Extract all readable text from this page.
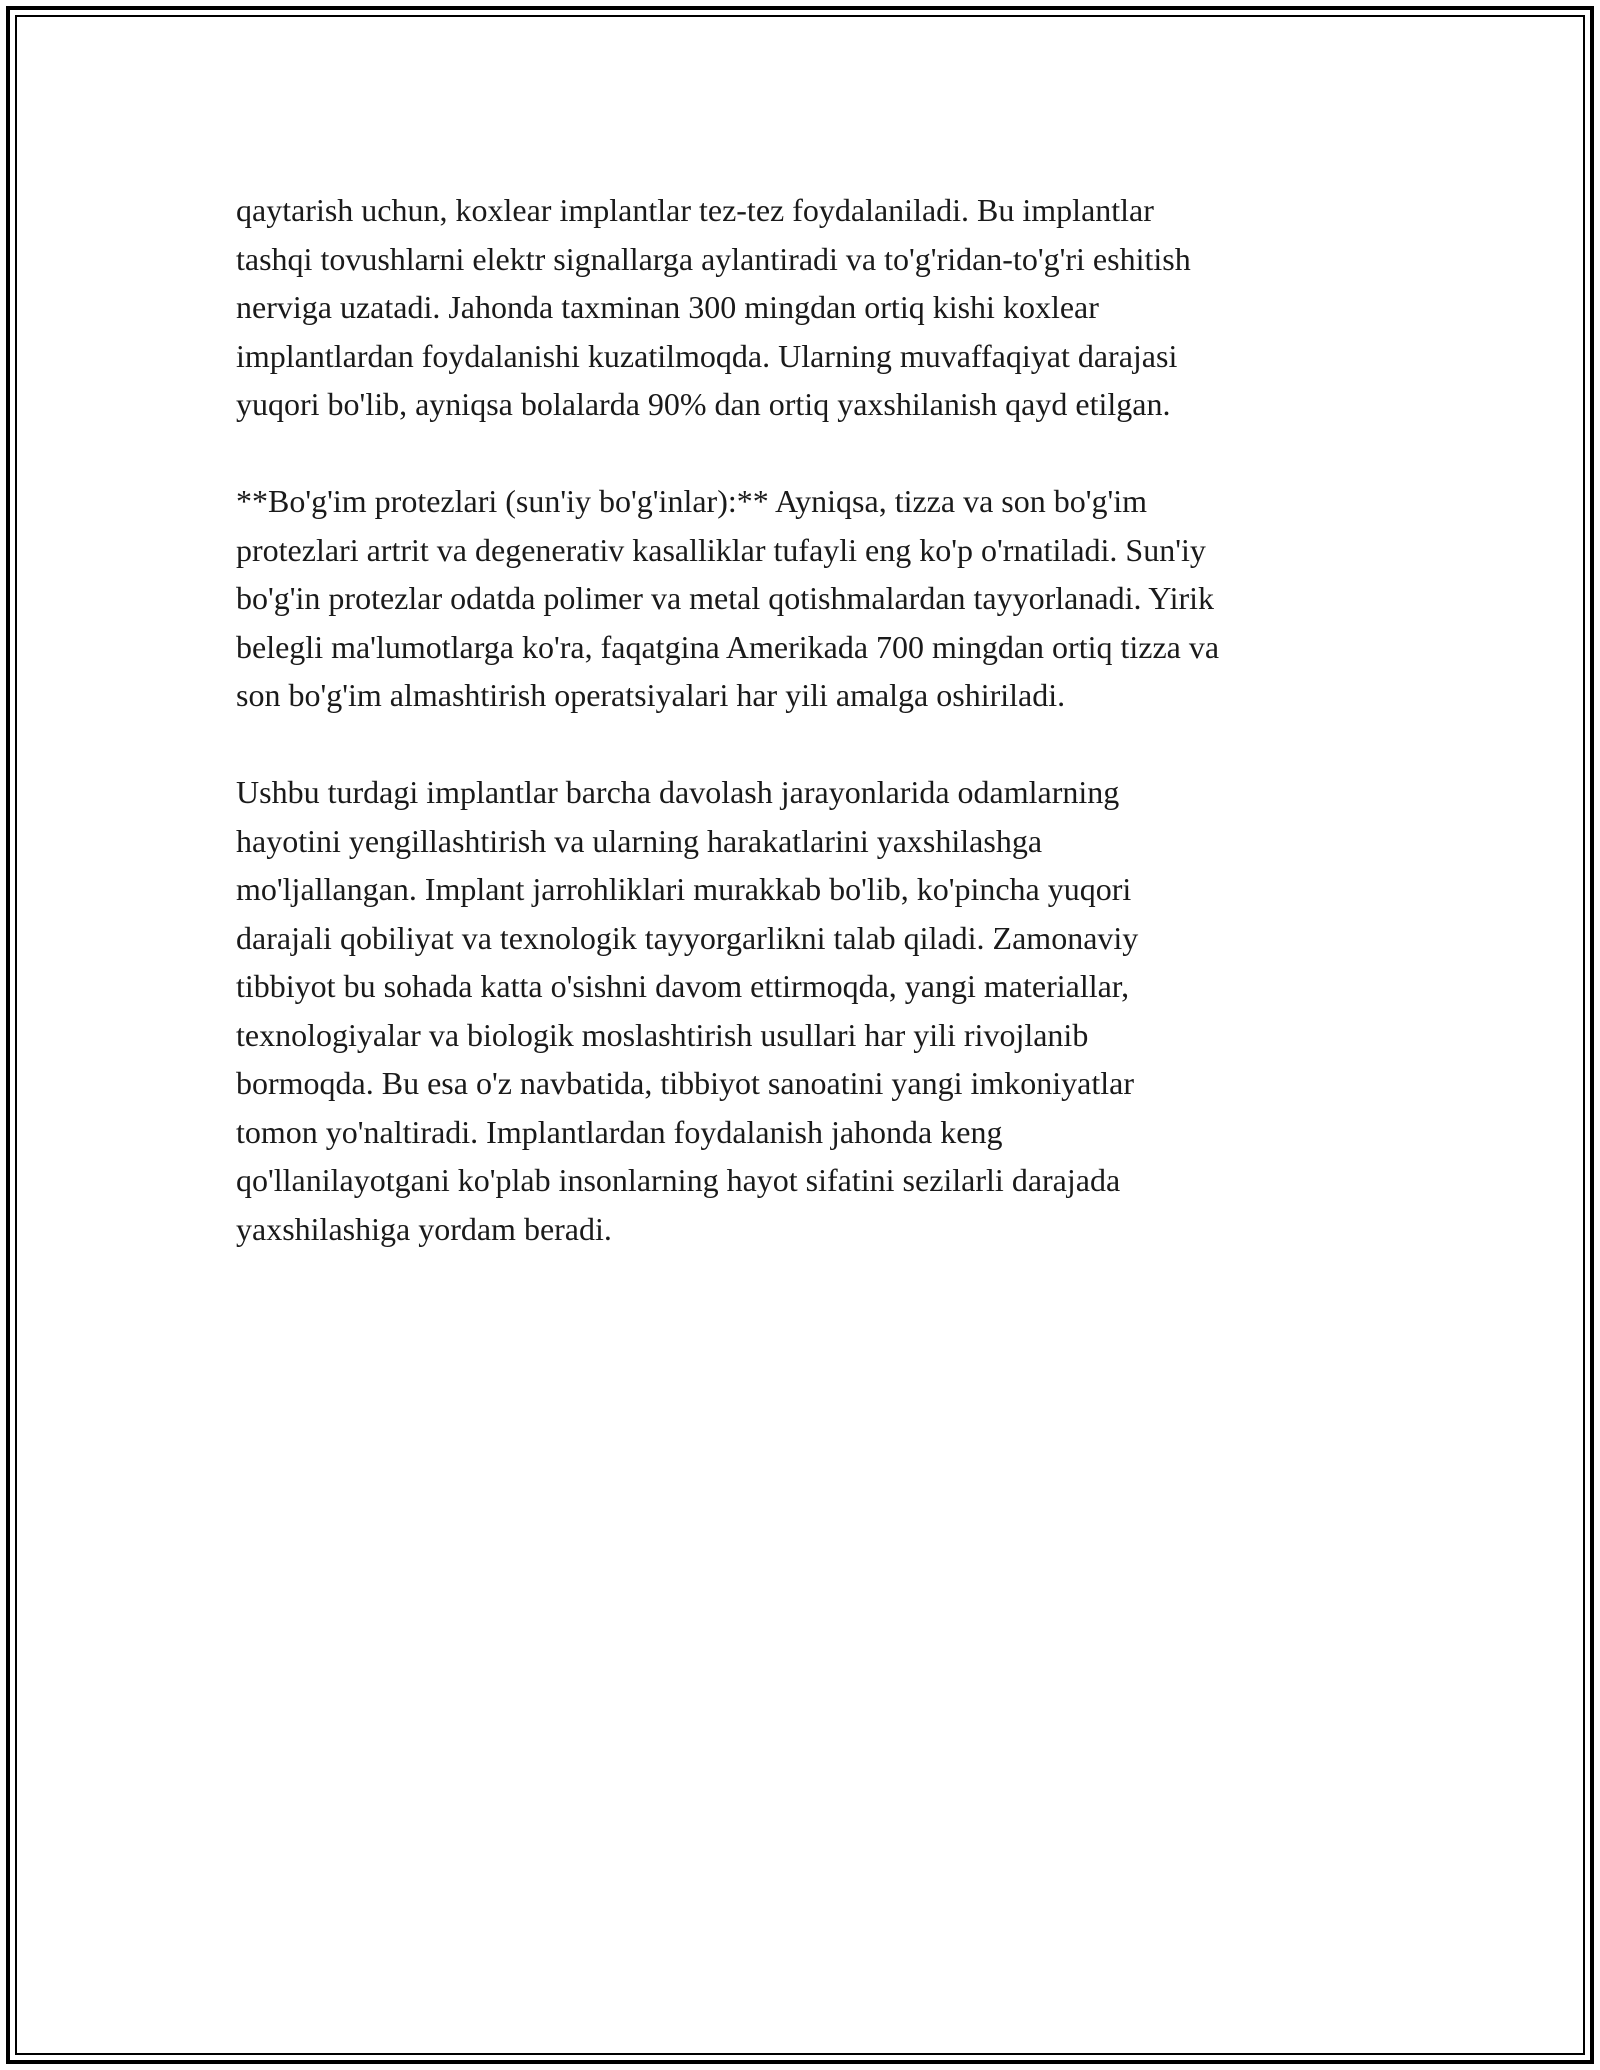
qaytarish uchun, koxlear implantlar tez-tez foydalaniladi. Bu implantlar
tashqi tovushlarni elektr signallarga aylantiradi va to'g'ridan-to'g'ri eshitish
nerviga uzatadi. Jahonda taxminan 300 mingdan ortiq kishi koxlear
implantlardan foydalanishi kuzatilmoqda. Ularning muvaffaqiyat darajasi
yuqori bo'lib, ayniqsa bolalarda 90% dan ortiq yaxshilanish qayd etilgan.

**Bo'g'im protezlari (sun'iy bo'g'inlar):** Ayniqsa, tizza va son bo'g'im
protezlari artrit va degenerativ kasalliklar tufayli eng ko'p o'rnatiladi. Sun'iy
bo'g'in protezlar odatda polimer va metal qotishmalardan tayyorlanadi. Yirik
belegli ma'lumotlarga ko'ra, faqatgina Amerikada 700 mingdan ortiq tizza va
son bo'g'im almashtirish operatsiyalari har yili amalga oshiriladi.

Ushbu turdagi implantlar barcha davolash jarayonlarida odamlarning
hayotini yengillashtirish va ularning harakatlarini yaxshilashga
mo'ljallangan. Implant jarrohliklari murakkab bo'lib, ko'pincha yuqori
darajali qobiliyat va texnologik tayyorgarlikni talab qiladi. Zamonaviy
tibbiyot bu sohada katta o'sishni davom ettirmoqda, yangi materiallar,
texnologiyalar va biologik moslashtirish usullari har yili rivojlanib
bormoqda. Bu esa o'z navbatida, tibbiyot sanoatini yangi imkoniyatlar
tomon yo'naltiradi. Implantlardan foydalanish jahonda keng
qo'llanilayotgani ko'plab insonlarning hayot sifatini sezilarli darajada
yaxshilashiga yordam beradi.
